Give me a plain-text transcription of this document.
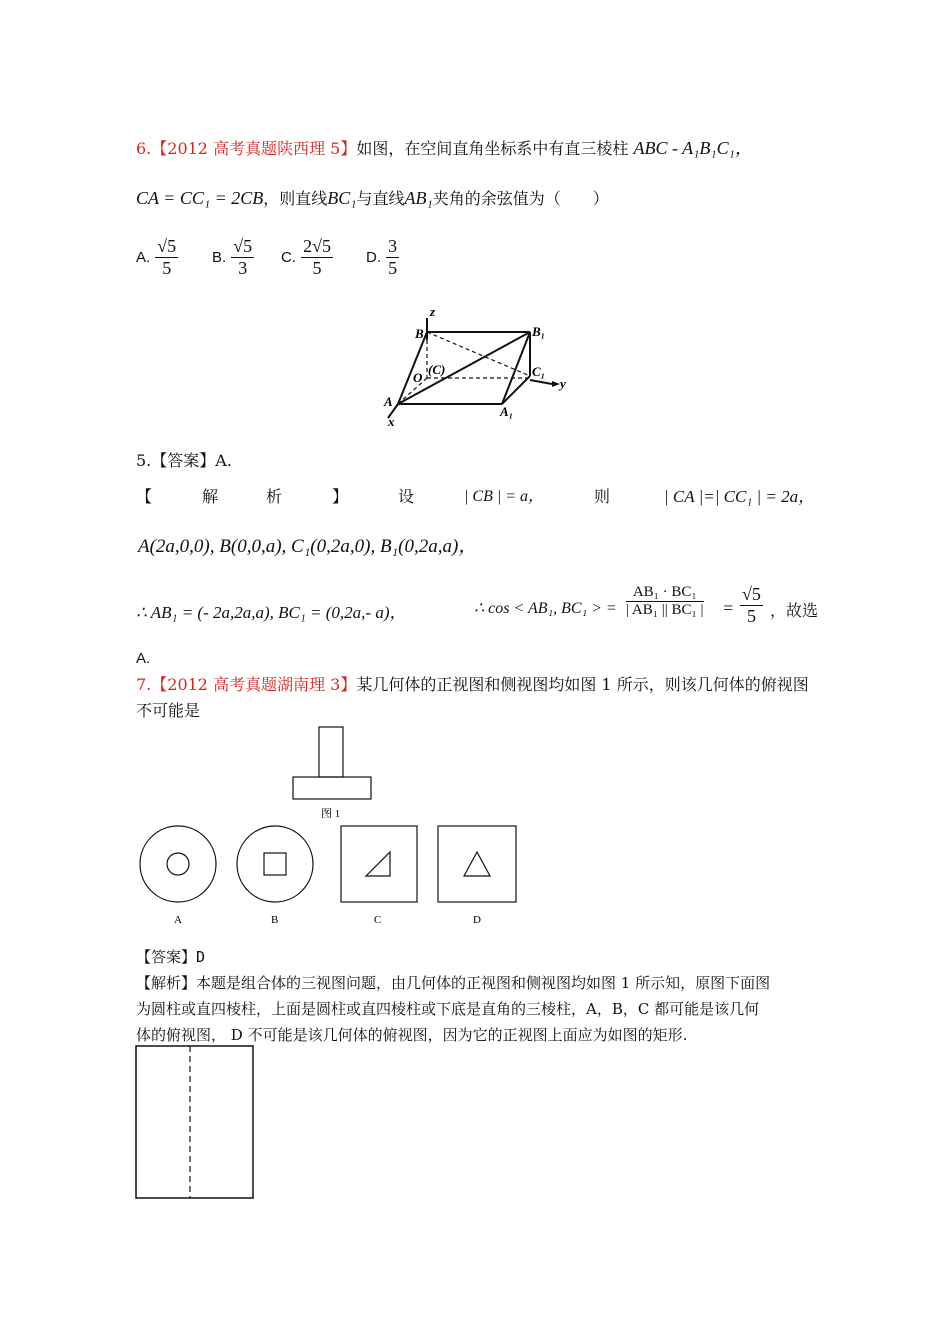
6.【2012 高考真题陕西理 5】如图，在空间直角坐标系中有直三棱柱 ABC - A₁B₁C₁，
CA = CC₁ = 2CB，则直线BC₁与直线AB₁夹角的余弦值为（　　）
A. $\frac{√5}{5} B$. $\frac{√5}{3} C$. $\frac{2√5}{5} D$. $\frac{3}{5}$
z
B	B₁
O
(C)	C₁
y
A
A₁
x
5.【答案】A.
【	解	析	】	设	| CB | = a，	则	| CA |=| CC₁ | = 2a，
A(2a,0,0), B(0,0,a), C₁(0,2a,0), B₁(0,2a,a)，
∴ AB₁ = (- 2a,2a,a), BC₁ = (0,2a,- a)，	∴ cos < AB₁, BC₁ > = $\frac{\text{AB₁ · BC₁}}{\text{| AB₁ || BC₁ |}} = \frac{√5}{5}$ ，故选
A.
7.【2012 高考真题湖南理 3】某几何体的正视图和侧视图均如图 1 所示，则该几何体的俯视图
不可能是
图 1
A	B	C	D
【答案】D
【解析】本题是组合体的三视图问题，由几何体的正视图和侧视图均如图 1 所示知，原图下面图
为圆柱或直四棱柱，上面是圆柱或直四棱柱或下底是直角的三棱柱，A，B，C 都可能是该几何
体的俯视图， D 不可能是该几何体的俯视图，因为它的正视图上面应为如图的矩形.
